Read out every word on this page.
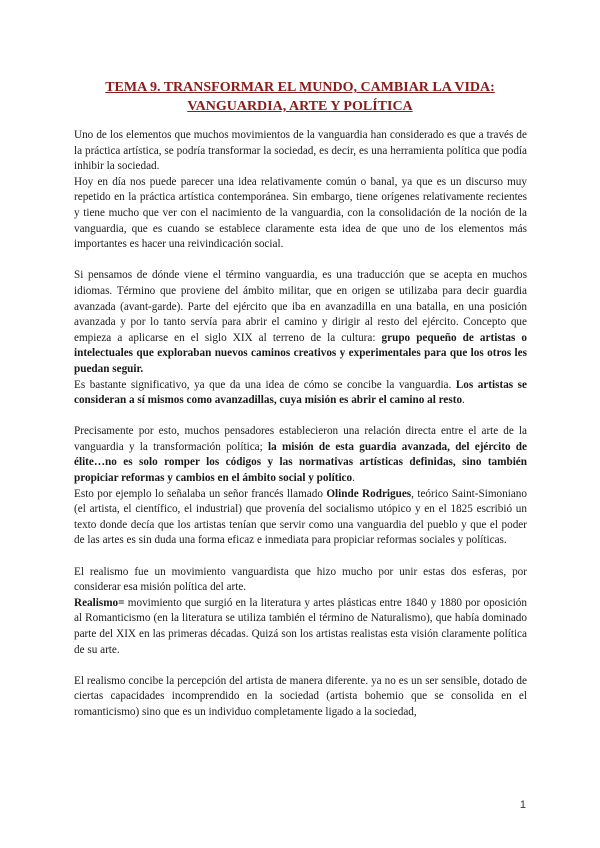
TEMA 9. TRANSFORMAR EL MUNDO, CAMBIAR LA VIDA:
VANGUARDIA, ARTE Y POLÍTICA

Uno de los elementos que muchos movimientos de la vanguardia han considerado es que a través de la práctica artística, se podría transformar la sociedad, es decir, es una herramienta política que podía inhibir la sociedad.

Hoy en día nos puede parecer una idea relativamente común o banal, ya que es un discurso muy repetido en la práctica artística contemporánea. Sin embargo, tiene orígenes relativamente recientes y tiene mucho que ver con el nacimiento de la vanguardia, con la consolidación de la noción de la vanguardia, que es cuando se establece claramente esta idea de que uno de los elementos más importantes es hacer una reivindicación social.

Si pensamos de dónde viene el término vanguardia, es una traducción que se acepta en muchos idiomas. Término que proviene del ámbito militar, que en origen se utilizaba para decir guardia avanzada (avant-garde). Parte del ejército que iba en avanzadilla en una batalla, en una posición avanzada y por lo tanto servía para abrir el camino y dirigir al resto del ejército. Concepto que empieza a aplicarse en el siglo XIX al terreno de la cultura: grupo pequeño de artistas o intelectuales que exploraban nuevos caminos creativos y experimentales para que los otros les puedan seguir.

Es bastante significativo, ya que da una idea de cómo se concibe la vanguardia. Los artistas se consideran a sí mismos como avanzadillas, cuya misión es abrir el camino al resto.

Precisamente por esto, muchos pensadores establecieron una relación directa entre el arte de la vanguardia y la transformación política; la misión de esta guardia avanzada, del ejército de élite…no es solo romper los códigos y las normativas artísticas definidas, sino también propiciar reformas y cambios en el ámbito social y político.

Esto por ejemplo lo señalaba un señor francés llamado Olinde Rodrigues, teórico Saint-Simoniano (el artista, el científico, el industrial) que provenía del socialismo utópico y en el 1825 escribió un texto donde decía que los artistas tenían que servir como una vanguardia del pueblo y que el poder de las artes es sin duda una forma eficaz e inmediata para propiciar reformas sociales y políticas.

El realismo fue un movimiento vanguardista que hizo mucho por unir estas dos esferas, por considerar esa misión política del arte.

Realismo= movimiento que surgió en la literatura y artes plásticas entre 1840 y 1880 por oposición al Romanticismo (en la literatura se utiliza también el término de Naturalismo), que había dominado parte del XIX en las primeras décadas. Quizá son los artistas realistas esta visión claramente política de su arte.

El realismo concibe la percepción del artista de manera diferente. ya no es un ser sensible, dotado de ciertas capacidades incomprendido en la sociedad (artista bohemio que se consolida en el romanticismo) sino que es un individuo completamente ligado a la sociedad,

1
